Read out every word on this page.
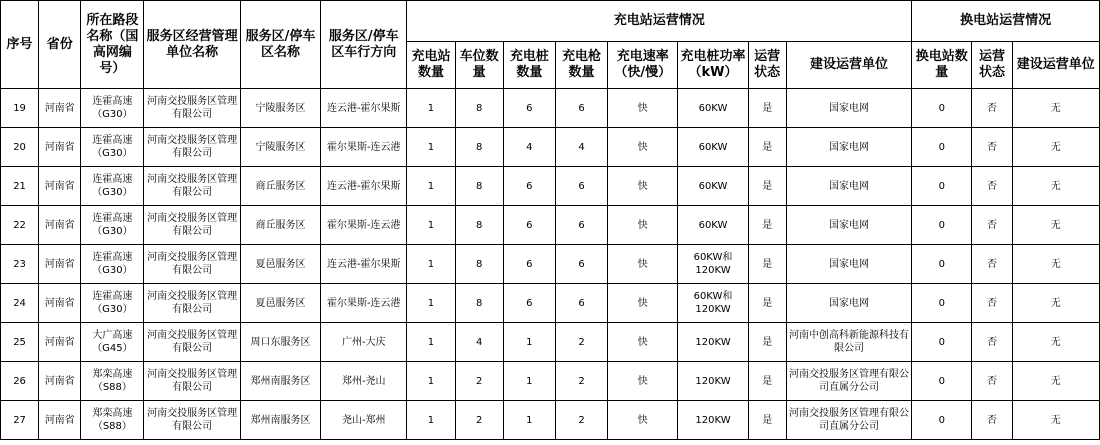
序号	省份	所在路段名称（国高网编号）	服务区经营管理单位名称	服务区/停车区名称	服务区/停车区车行方向	充电站运营情况								换电站运营情况		
						充电站数量	车位数量	充电桩数量	充电枪数量	充电速率（快/慢）	充电桩功率（kW）	运营状态	建设运营单位	换电站数量	运营状态	建设运营单位
19	河南省	连霍高速（G30）	河南交投服务区管理有限公司	宁陵服务区	连云港-霍尔果斯	1	8	6	6	快	60KW	是	国家电网	0	否	无
20	河南省	连霍高速（G30）	河南交投服务区管理有限公司	宁陵服务区	霍尔果斯-连云港	1	8	4	4	快	60KW	是	国家电网	0	否	无
21	河南省	连霍高速（G30）	河南交投服务区管理有限公司	商丘服务区	连云港-霍尔果斯	1	8	6	6	快	60KW	是	国家电网	0	否	无
22	河南省	连霍高速（G30）	河南交投服务区管理有限公司	商丘服务区	霍尔果斯-连云港	1	8	6	6	快	60KW	是	国家电网	0	否	无
23	河南省	连霍高速（G30）	河南交投服务区管理有限公司	夏邑服务区	连云港-霍尔果斯	1	8	6	6	快	60KW和120KW	是	国家电网	0	否	无
24	河南省	连霍高速（G30）	河南交投服务区管理有限公司	夏邑服务区	霍尔果斯-连云港	1	8	6	6	快	60KW和120KW	是	国家电网	0	否	无
25	河南省	大广高速（G45）	河南交投服务区管理有限公司	周口东服务区	广州-大庆	1	4	1	2	快	120KW	是	河南中创高科新能源科技有限公司	0	否	无
26	河南省	郑栾高速（S88）	河南交投服务区管理有限公司	郑州南服务区	郑州-尧山	1	2	1	2	快	120KW	是	河南交投服务区管理有限公司直属分公司	0	否	无
27	河南省	郑栾高速（S88）	河南交投服务区管理有限公司	郑州南服务区	尧山-郑州	1	2	1	2	快	120KW	是	河南交投服务区管理有限公司直属分公司	0	否	无
